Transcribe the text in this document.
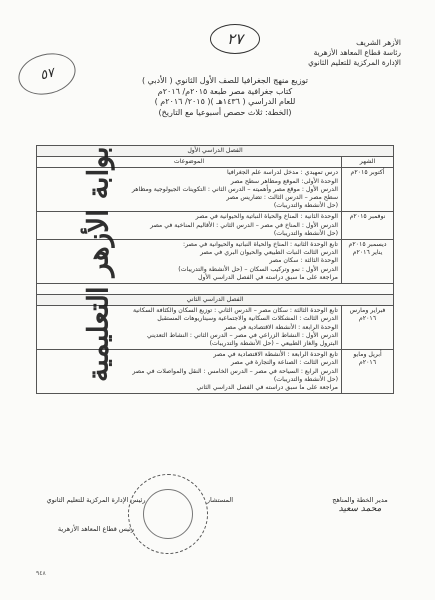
٢٧
٥٧
الأزهر الشريف
رئاسة قطاع المعاهد الأزهرية
الإدارة المركزية للتعليم الثانوي
توزيع منهج الجغرافيا للصف الأول الثانوي ( الأدبي )
كتاب جغرافية مصر طبعة ٢٠١٥م/ ٢٠١٦م
للعام الدراسي ( ١٤٣٦هـ )( ٢٠١٥/ ٢٠١٦م )
(الخطة: ثلاث حصص أسبوعيا مع التاريخ)
الفصل الدراسي الأول	
الشهر	الموضوعات
أكتوبر ٢٠١٥م	درس تمهيدي : مدخل لدراسة علم الجغرافيا
الوحدة الأولى: الموقع ومظاهر سطح مصر
الدرس الأول : موقع مصر وأهميته – الدرس الثاني : التكوينات الجيولوجية ومظاهر
سطح مصر – الدرس الثالث : تضاريس مصر
(حل الأنشطة والتدريبات)
نوفمبر ٢٠١٥م	الوحدة الثانية : المناخ والحياة النباتية والحيوانية في مصر
الدرس الأول : المناخ في مصر – الدرس الثاني : الأقاليم المناخية في مصر
(حل الأنشطة والتدريبات)
ديسمبر ٢٠١٥م يناير ٢٠١٦م	تابع الوحدة الثانية : المناخ والحياة النباتية والحيوانية في مصر:
الدرس الثالث النبات الطبيعي والحيوان البري في مصر
الوحدة الثالثة : سكان مصر
الدرس الأول : نمو وتركيب السكان – (حل الأنشطة والتدريبات)
مراجعة على ما سبق دراسته في الفصل الدراسي الأول

الفصل الدراسي الثاني	
فبراير ومارس ٢٠١٦م	تابع الوحدة الثالثة : سكان مصر – الدرس الثاني : توزيع السكان والكثافة السكانية
الدرس الثالث : المشكلات السكانية والاجتماعية وسيناريوهات المستقبل
الوحدة الرابعة : الأنشطة الاقتصادية في مصر
الدرس الأول : النشاط الزراعي في مصر – الدرس الثاني : النشاط التعديني
البترول والغاز الطبيعي – (حل الأنشطة والتدريبات)
أبريل ومايو ٢٠١٦م	تابع الوحدة الرابعة : الأنشطة الاقتصادية في مصر
الدرس الثالث : الصناعة والتجارة في مصر
الدرس الرابع : السياحة في مصر – الدرس الخامس : النقل والمواصلات في مصر
(حل الأنشطة والتدريبات)
مراجعة على ما سبق دراسته في الفصل الدراسي الثاني
مدير الخطة والمناهج
محمد سعيد
المستشار
رئيس الإدارة المركزية للتعليم الثانوي
رئيس قطاع المعاهد الأزهرية
بوابة الأزهر التعليمية
٩٤٨
